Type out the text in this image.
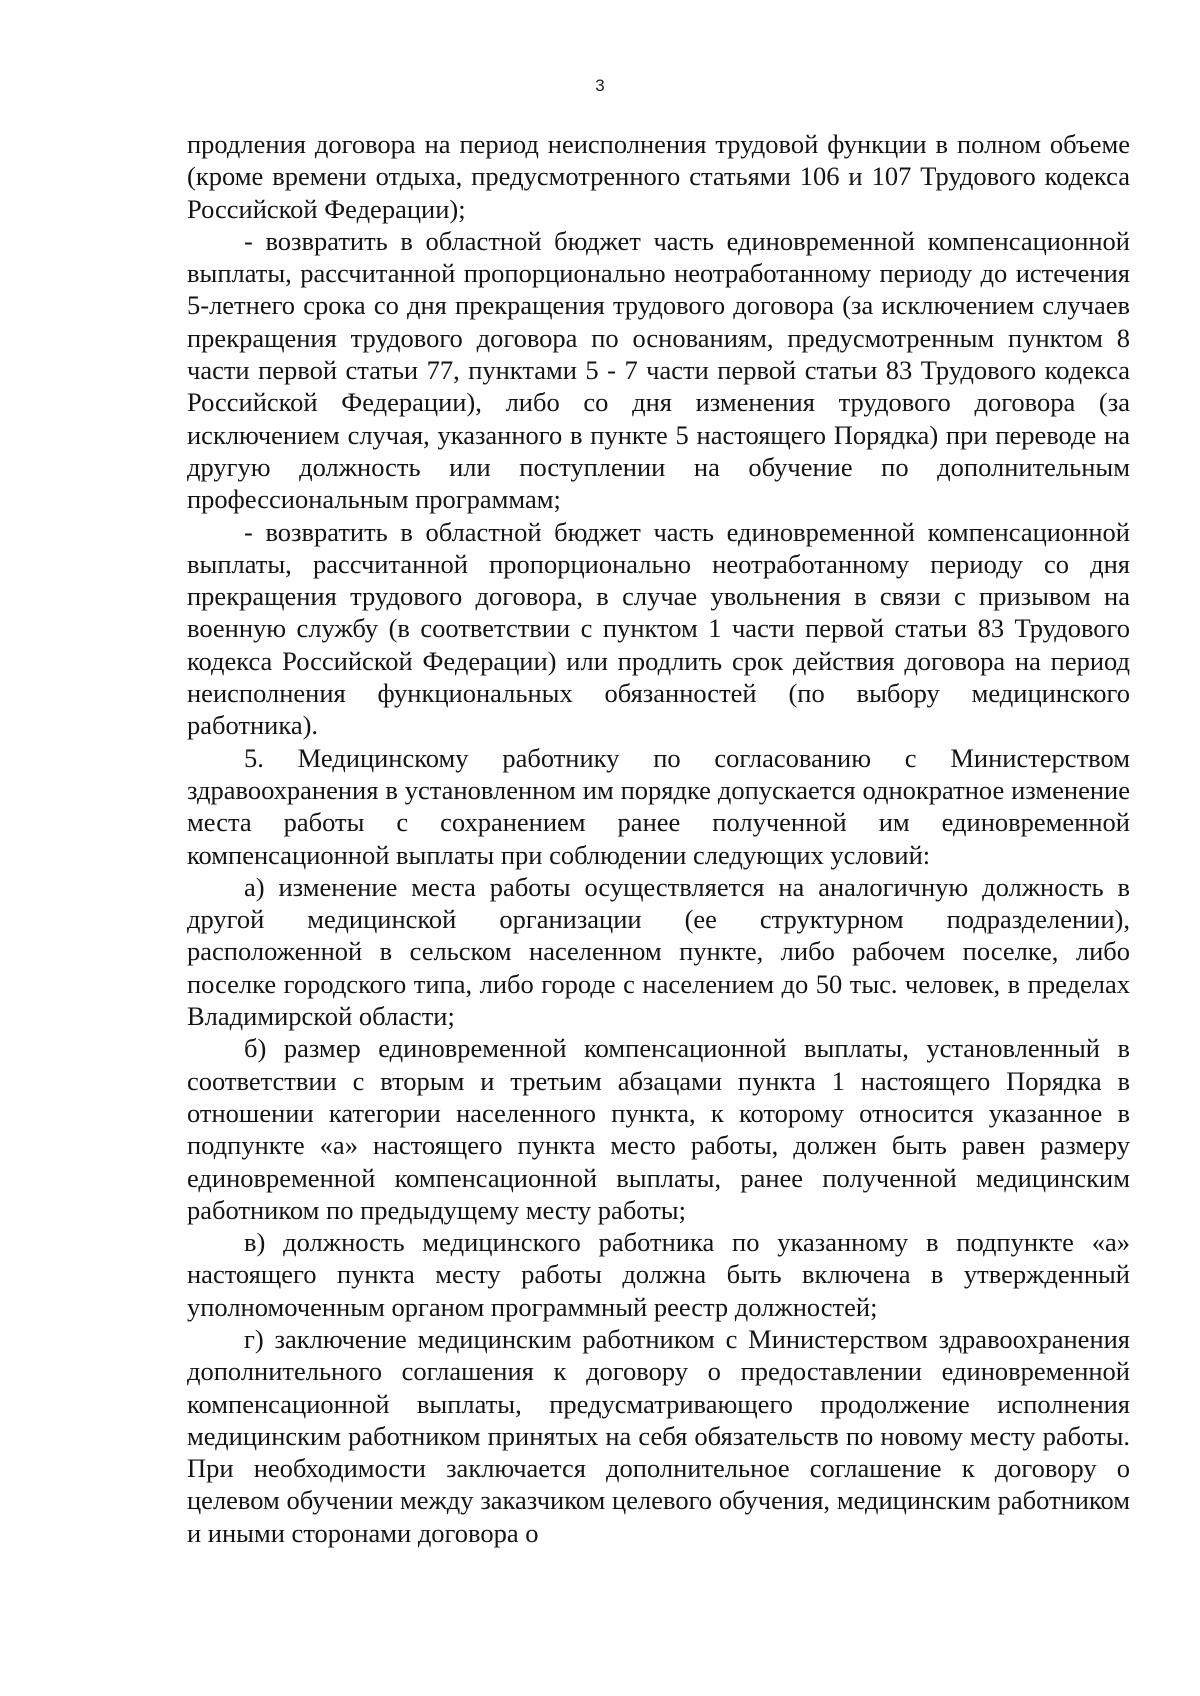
3

продления договора на период неисполнения трудовой функции в полном объеме (кроме времени отдыха, предусмотренного статьями 106 и 107 Трудового кодекса Российской Федерации);

- возвратить в областной бюджет часть единовременной компенсационной выплаты, рассчитанной пропорционально неотработанному периоду до истечения 5-летнего срока со дня прекращения трудового договора (за исключением случаев прекращения трудового договора по основаниям, предусмотренным пунктом 8 части первой статьи 77, пунктами 5 - 7 части первой статьи 83 Трудового кодекса Российской Федерации), либо со дня изменения трудового договора (за исключением случая, указанного в пункте 5 настоящего Порядка) при переводе на другую должность или поступлении на обучение по дополнительным профессиональным программам;

- возвратить в областной бюджет часть единовременной компенсационной выплаты, рассчитанной пропорционально неотработанному периоду со дня прекращения трудового договора, в случае увольнения в связи с призывом на военную службу (в соответствии с пунктом 1 части первой статьи 83 Трудового кодекса Российской Федерации) или продлить срок действия договора на период неисполнения функциональных обязанностей (по выбору медицинского работника).

5. Медицинскому работнику по согласованию с Министерством здравоохранения в установленном им порядке допускается однократное изменение места работы с сохранением ранее полученной им единовременной компенсационной выплаты при соблюдении следующих условий:

а) изменение места работы осуществляется на аналогичную должность в другой медицинской организации (ее структурном подразделении), расположенной в сельском населенном пункте, либо рабочем поселке, либо поселке городского типа, либо городе с населением до 50 тыс. человек, в пределах Владимирской области;

б) размер единовременной компенсационной выплаты, установленный в соответствии с вторым и третьим абзацами пункта 1 настоящего Порядка в отношении категории населенного пункта, к которому относится указанное в подпункте «а» настоящего пункта место работы, должен быть равен размеру единовременной компенсационной выплаты, ранее полученной медицинским работником по предыдущему месту работы;

в) должность медицинского работника по указанному в подпункте «а» настоящего пункта месту работы должна быть включена в утвержденный уполномоченным органом программный реестр должностей;

г) заключение медицинским работником с Министерством здравоохранения дополнительного соглашения к договору о предоставлении единовременной компенсационной выплаты, предусматривающего продолжение исполнения медицинским работником принятых на себя обязательств по новому месту работы. При необходимости заключается дополнительное соглашение к договору о целевом обучении между заказчиком целевого обучения, медицинским работником и иными сторонами договора о
